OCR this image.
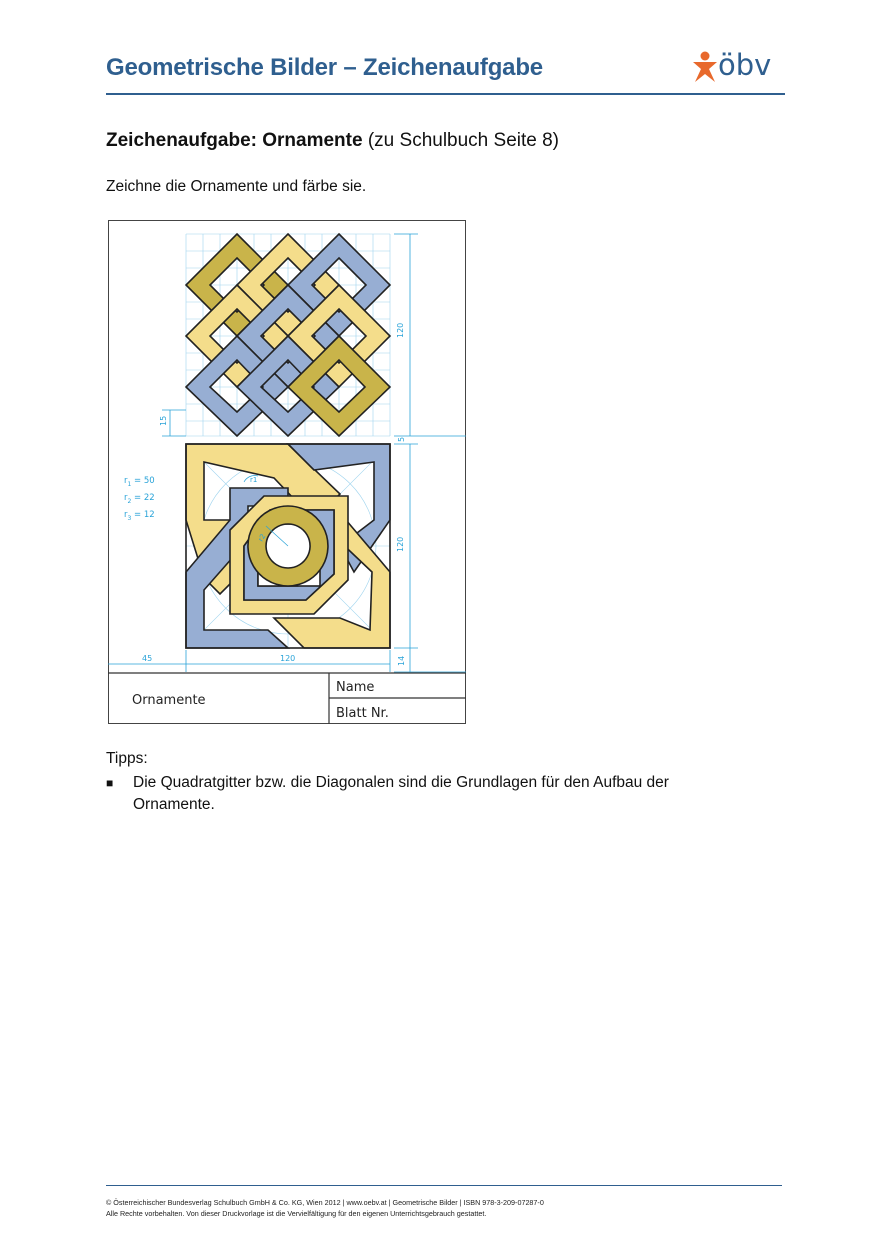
Geometrische Bilder – Zeichenaufgabe	öbv
Zeichenaufgabe: Ornamente (zu Schulbuch Seite 8)
Zeichne die Ornamente und färbe sie.
120
15
5
r1
r2
$r_1 = 50$
$r_2 = 22$
$r_3 = 12$
120
14
45	120
Ornamente
Name
Blatt Nr.
Tipps:
■ Die Quadratgitter bzw. die Diagonalen sind die Grundlagen für den Aufbau der Ornamente.
© Österreichischer Bundesverlag Schulbuch GmbH & Co. KG, Wien 2012 | www.oebv.at | Geometrische Bilder | ISBN 978-3-209-07287-0
Alle Rechte vorbehalten. Von dieser Druckvorlage ist die Vervielfältigung für den eigenen Unterrichtsgebrauch gestattet.
